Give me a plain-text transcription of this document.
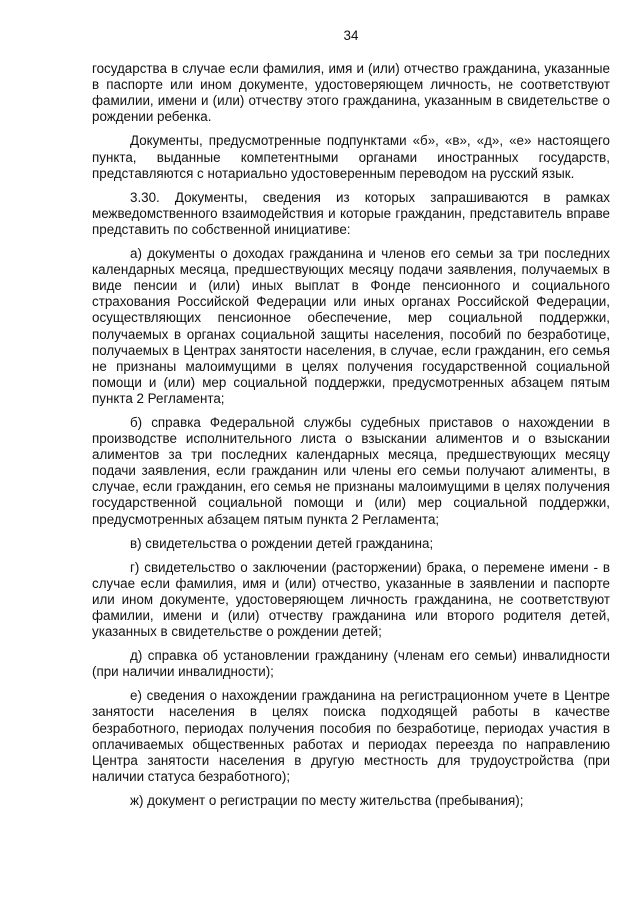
34

государства в случае если фамилия, имя и (или) отчество гражданина, указанные в паспорте или ином документе, удостоверяющем личность, не соответствуют фамилии, имени и (или) отчеству этого гражданина, указанным в свидетельстве о рождении ребенка.

Документы, предусмотренные подпунктами «б», «в», «д», «е» настоящего пункта, выданные компетентными органами иностранных государств, представляются с нотариально удостоверенным переводом на русский язык.

3.30. Документы, сведения из которых запрашиваются в рамках межведомственного взаимодействия и которые гражданин, представитель вправе представить по собственной инициативе:

а) документы о доходах гражданина и членов его семьи за три последних календарных месяца, предшествующих месяцу подачи заявления, получаемых в виде пенсии и (или) иных выплат в Фонде пенсионного и социального страхования Российской Федерации или иных органах Российской Федерации, осуществляющих пенсионное обеспечение, мер социальной поддержки, получаемых в органах социальной защиты населения, пособий по безработице, получаемых в Центрах занятости населения, в случае, если гражданин, его семья не признаны малоимущими в целях получения государственной социальной помощи и (или) мер социальной поддержки, предусмотренных абзацем пятым пункта 2 Регламента;

б) справка Федеральной службы судебных приставов о нахождении в производстве исполнительного листа о взыскании алиментов и о взыскании алиментов за три последних календарных месяца, предшествующих месяцу подачи заявления, если гражданин или члены его семьи получают алименты, в случае, если гражданин, его семья не признаны малоимущими в целях получения государственной социальной помощи и (или) мер социальной поддержки, предусмотренных абзацем пятым пункта 2 Регламента;

в) свидетельства о рождении детей гражданина;

г) свидетельство о заключении (расторжении) брака, о перемене имени - в случае если фамилия, имя и (или) отчество, указанные в заявлении и паспорте или ином документе, удостоверяющем личность гражданина, не соответствуют фамилии, имени и (или) отчеству гражданина или второго родителя детей, указанных в свидетельстве о рождении детей;

д) справка об установлении гражданину (членам его семьи) инвалидности (при наличии инвалидности);

е) сведения о нахождении гражданина на регистрационном учете в Центре занятости населения в целях поиска подходящей работы в качестве безработного, периодах получения пособия по безработице, периодах участия в оплачиваемых общественных работах и периодах переезда по направлению Центра занятости населения в другую местность для трудоустройства (при наличии статуса безработного);

ж) документ о регистрации по месту жительства (пребывания);
